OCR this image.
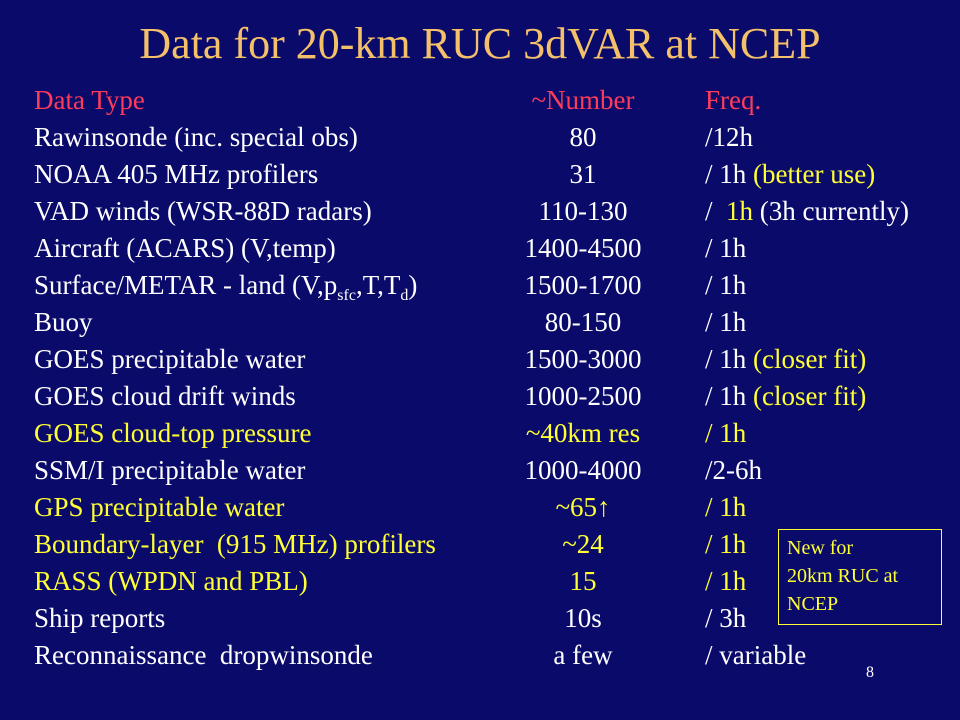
Data for 20-km RUC 3dVAR at NCEP
Data Type	~Number	Freq.
Rawinsonde (inc. special obs)	80	/12h
NOAA 405 MHz profilers	31	/ 1h (better use)
VAD winds (WSR-88D radars)	110-130	/  1h (3h currently)
Aircraft (ACARS) (V,temp)	1400-4500	/ 1h
Surface/METAR - land $(V,p_{sfc},T,T_d)$	1500-1700	/ 1h
Buoy	80-150	/ 1h
GOES precipitable water	1500-3000	/ 1h (closer fit)
GOES cloud drift winds	1000-2500	/ 1h (closer fit)
GOES cloud-top pressure	~40km res	/ 1h
SSM/I precipitable water	1000-4000	/2-6h
GPS precipitable water	~65↑	/ 1h
Boundary-layer  (915 MHz) profilers	~24	/ 1h
RASS (WPDN and PBL)	15	/ 1h
Ship reports	10s	/ 3h
Reconnaissance  dropwinsonde	a few	/ variable
New for
20km RUC at
NCEP
8
